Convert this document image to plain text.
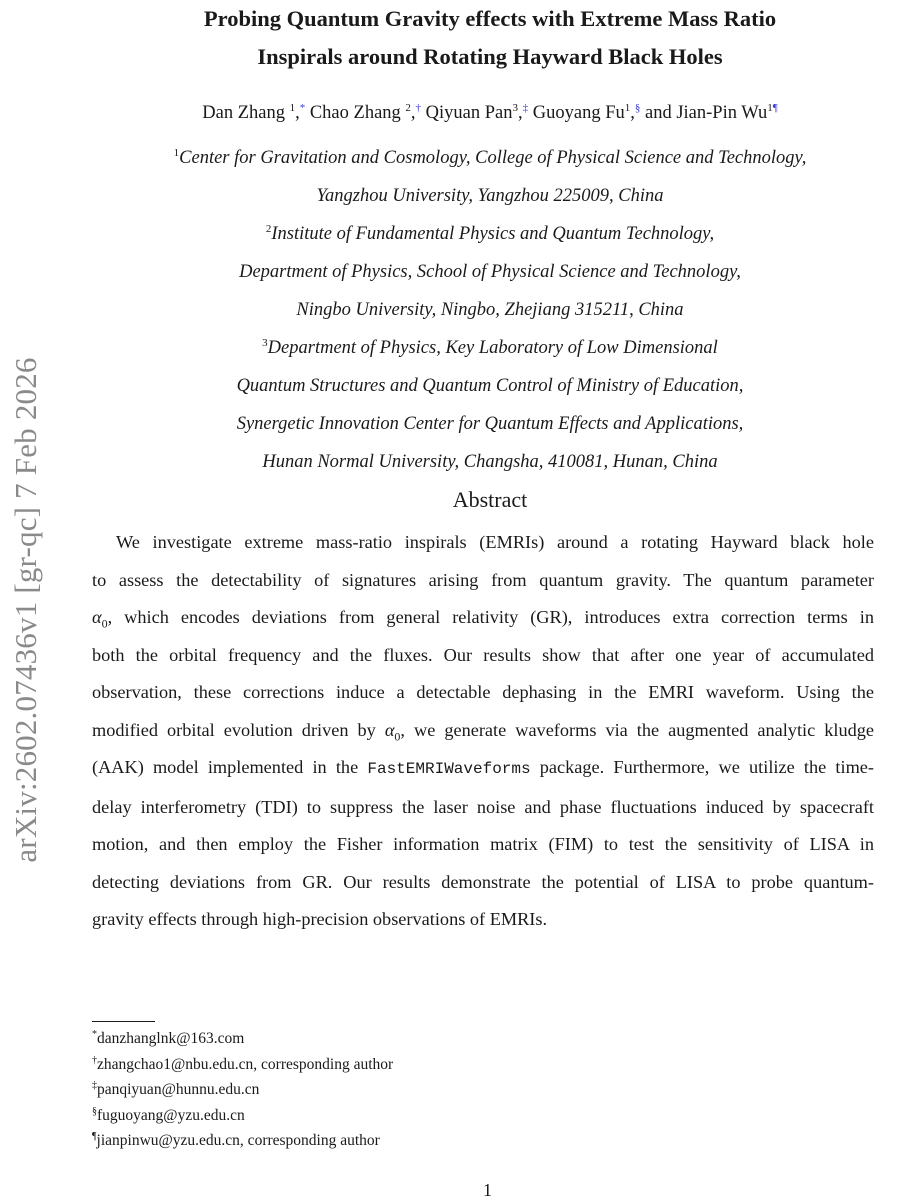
arXiv:2602.07436v1 [gr-qc] 7 Feb 2026
Probing Quantum Gravity effects with Extreme Mass Ratio
Inspirals around Rotating Hayward Black Holes
Dan Zhang $^1$,* Chao Zhang $^2$,† Qiyuan Pan$^3$,‡ Guoyang Fu$^1$,§ and Jian-Pin Wu$^{1\P}$
$^1$Center for Gravitation and Cosmology, College of Physical Science and Technology,
Yangzhou University, Yangzhou 225009, China
$^2$Institute of Fundamental Physics and Quantum Technology,
Department of Physics, School of Physical Science and Technology,
Ningbo University, Ningbo, Zhejiang 315211, China
$^3$Department of Physics, Key Laboratory of Low Dimensional
Quantum Structures and Quantum Control of Ministry of Education,
Synergetic Innovation Center for Quantum Effects and Applications,
Hunan Normal University, Changsha, 410081, Hunan, China
Abstract
We investigate extreme mass-ratio inspirals (EMRIs) around a rotating Hayward black hole
to assess the detectability of signatures arising from quantum gravity. The quantum parameter
$\alpha_0$, which encodes deviations from general relativity (GR), introduces extra correction terms in
both the orbital frequency and the fluxes. Our results show that after one year of accumulated
observation, these corrections induce a detectable dephasing in the EMRI waveform. Using the
modified orbital evolution driven by $\alpha_0$, we generate waveforms via the augmented analytic kludge
(AAK) model implemented in the FastEMRIWaveforms package. Furthermore, we utilize the time-
delay interferometry (TDI) to suppress the laser noise and phase fluctuations induced by spacecraft
motion, and then employ the Fisher information matrix (FIM) to test the sensitivity of LISA in
detecting deviations from GR. Our results demonstrate the potential of LISA to probe quantum-
gravity effects through high-precision observations of EMRIs.
*danzhanglnk@163.com
†zhangchao1@nbu.edu.cn, corresponding author
‡panqiyuan@hunnu.edu.cn
§fuguoyang@yzu.edu.cn
¶jianpinwu@yzu.edu.cn, corresponding author
1
